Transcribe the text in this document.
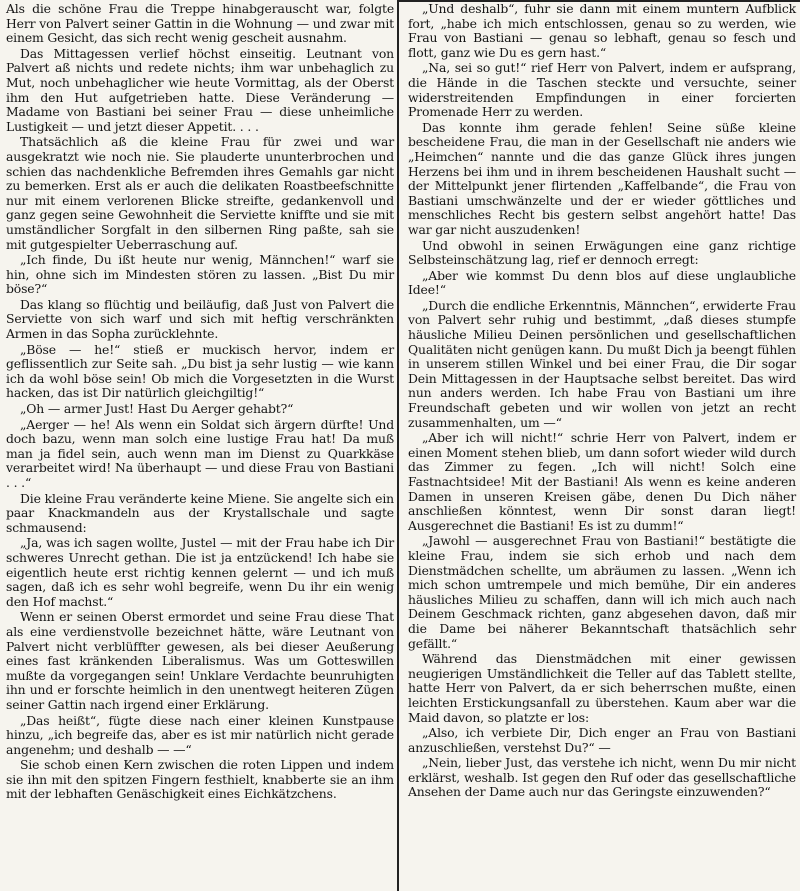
Als die schöne Frau die Treppe hinabgerauscht war, folgte Herr von Palvert seiner Gattin in die Wohnung — und zwar mit einem Gesicht, das sich recht wenig gescheit ausnahm.

Das Mittagessen verlief höchst einseitig. Leutnant von Palvert aß nichts und redete nichts; ihm war unbehaglich zu Mut, noch unbehaglicher wie heute Vormittag, als der Oberst ihm den Hut aufgetrieben hatte. Diese Veränderung — Madame von Bastiani bei seiner Frau — diese unheimliche Lustigkeit — und jetzt dieser Appetit. . . .

Thatsächlich aß die kleine Frau für zwei und war ausgekratzt wie noch nie. Sie plauderte ununterbrochen und schien das nachdenkliche Befremden ihres Gemahls gar nicht zu bemerken. Erst als er auch die delikaten Roastbeefschnitte nur mit einem verlorenen Blicke streifte, gedankenvoll und ganz gegen seine Gewohnheit die Serviette kniffte und sie mit umständlicher Sorgfalt in den silbernen Ring paßte, sah sie mit gutgespielter Ueberraschung auf.

„Ich finde, Du ißt heute nur wenig, Männchen!“ warf sie hin, ohne sich im Mindesten stören zu lassen. „Bist Du mir böse?“

Das klang so flüchtig und beiläufig, daß Just von Palvert die Serviette von sich warf und sich mit heftig verschränkten Armen in das Sopha zurücklehnte.

„Böse — he!“ stieß er muckisch hervor, indem er geflissentlich zur Seite sah. „Du bist ja sehr lustig — wie kann ich da wohl böse sein! Ob mich die Vorgesetzten in die Wurst hacken, das ist Dir natürlich gleichgiltig!“

„Oh — armer Just! Hast Du Aerger gehabt?“

„Aerger — he! Als wenn ein Soldat sich ärgern dürfte! Und doch bazu, wenn man solch eine lustige Frau hat! Da muß man ja fidel sein, auch wenn man im Dienst zu Quarkkäse verarbeitet wird! Na überhaupt — und diese Frau von Bastiani . . .“

Die kleine Frau veränderte keine Miene. Sie angelte sich ein paar Knackmandeln aus der Krystallschale und sagte schmausend:

„Ja, was ich sagen wollte, Justel — mit der Frau habe ich Dir schweres Unrecht gethan. Die ist ja entzückend! Ich habe sie eigentlich heute erst richtig kennen gelernt — und ich muß sagen, daß ich es sehr wohl begreife, wenn Du ihr ein wenig den Hof machst.“

Wenn er seinen Oberst ermordet und seine Frau diese That als eine verdienstvolle bezeichnet hätte, wäre Leutnant von Palvert nicht verblüffter gewesen, als bei dieser Aeußerung eines fast kränkenden Liberalismus. Was um Gotteswillen mußte da vorgegangen sein! Unklare Verdachte beunruhigten ihn und er forschte heimlich in den unentwegt heiteren Zügen seiner Gattin nach irgend einer Erklärung.

„Das heißt“, fügte diese nach einer kleinen Kunstpause hinzu, „ich begreife das, aber es ist mir natürlich nicht gerade angenehm; und deshalb — —“

Sie schob einen Kern zwischen die roten Lippen und indem sie ihn mit den spitzen Fingern festhielt, knabberte sie an ihm mit der lebhaften Genäschigkeit eines Eichkätzchens.

„Und deshalb“, fuhr sie dann mit einem muntern Aufblick fort, „habe ich mich entschlossen, genau so zu werden, wie Frau von Bastiani — genau so lebhaft, genau so fesch und flott, ganz wie Du es gern hast.“

„Na, sei so gut!“ rief Herr von Palvert, indem er aufsprang, die Hände in die Taschen steckte und versuchte, seiner widerstreitenden Empfindungen in einer forcierten Promenade Herr zu werden.

Das konnte ihm gerade fehlen! Seine süße kleine bescheidene Frau, die man in der Gesellschaft nie anders wie „Heimchen“ nannte und die das ganze Glück ihres jungen Herzens bei ihm und in ihrem bescheidenen Haushalt sucht — der Mittelpunkt jener flirtenden „Kaffelbande“, die Frau von Bastiani umschwänzelte und der er wieder göttliches und menschliches Recht bis gestern selbst angehört hatte! Das war gar nicht auszudenken!

Und obwohl in seinen Erwägungen eine ganz richtige Selbsteinschätzung lag, rief er dennoch erregt:

„Aber wie kommst Du denn blos auf diese unglaubliche Idee!“

„Durch die endliche Erkenntnis, Männchen“, erwiderte Frau von Palvert sehr ruhig und bestimmt, „daß dieses stumpfe häusliche Milieu Deinen persönlichen und gesellschaftlichen Qualitäten nicht genügen kann. Du mußt Dich ja beengt fühlen in unserem stillen Winkel und bei einer Frau, die Dir sogar Dein Mittagessen in der Hauptsache selbst bereitet. Das wird nun anders werden. Ich habe Frau von Bastiani um ihre Freundschaft gebeten und wir wollen von jetzt an recht zusammenhalten, um —“

„Aber ich will nicht!“ schrie Herr von Palvert, indem er einen Moment stehen blieb, um dann sofort wieder wild durch das Zimmer zu fegen. „Ich will nicht! Solch eine Fastnachtsidee! Mit der Bastiani! Als wenn es keine anderen Damen in unseren Kreisen gäbe, denen Du Dich näher anschließen könntest, wenn Dir sonst daran liegt! Ausgerechnet die Bastiani! Es ist zu dumm!“

„Jawohl — ausgerechnet Frau von Bastiani!“ bestätigte die kleine Frau, indem sie sich erhob und nach dem Dienstmädchen schellte, um abräumen zu lassen. „Wenn ich mich schon umtrempele und mich bemühe, Dir ein anderes häusliches Milieu zu schaffen, dann will ich mich auch nach Deinem Geschmack richten, ganz abgesehen davon, daß mir die Dame bei näherer Bekanntschaft thatsächlich sehr gefällt.“

Während das Dienstmädchen mit einer gewissen neugierigen Umständlichkeit die Teller auf das Tablett stellte, hatte Herr von Palvert, da er sich beherrschen mußte, einen leichten Erstickungsanfall zu überstehen. Kaum aber war die Maid davon, so platzte er los:

„Also, ich verbiete Dir, Dich enger an Frau von Bastiani anzuschließen, verstehst Du?“ —

„Nein, lieber Just, das verstehe ich nicht, wenn Du mir nicht erklärst, weshalb. Ist gegen den Ruf oder das gesellschaftliche Ansehen der Dame auch nur das Geringste einzuwenden?“
